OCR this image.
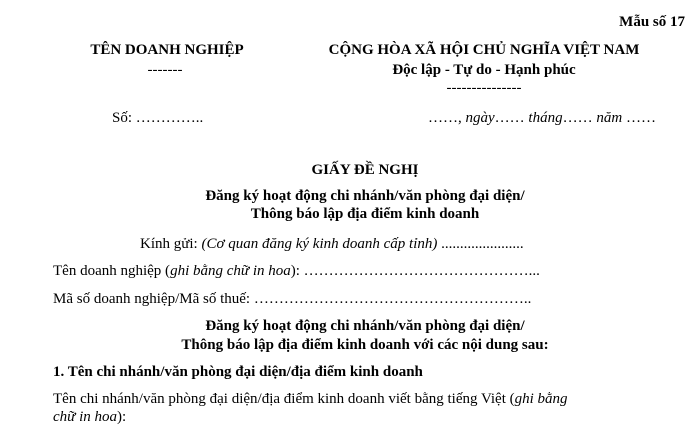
Mẫu số 17
TÊN DOANH NGHIỆP
-------
Số: …………..
CỘNG HÒA XÃ HỘI CHỦ NGHĨA VIỆT NAM
Độc lập - Tự do - Hạnh phúc
---------------
……, ngày…… tháng…… năm ……
GIẤY ĐỀ NGHỊ
Đăng ký hoạt động chi nhánh/văn phòng đại diện/
Thông báo lập địa điểm kinh doanh
Kính gửi: (Cơ quan đăng ký kinh doanh cấp tỉnh) ......................
Tên doanh nghiệp (ghi bằng chữ in hoa): ………………………………………...
Mã số doanh nghiệp/Mã số thuế: ………………………………………………..
Đăng ký hoạt động chi nhánh/văn phòng đại diện/
Thông báo lập địa điểm kinh doanh với các nội dung sau:
1. Tên chi nhánh/văn phòng đại diện/địa điểm kinh doanh
Tên chi nhánh/văn phòng đại diện/địa điểm kinh doanh viết bằng tiếng Việt (ghi bằng
chữ in hoa):
